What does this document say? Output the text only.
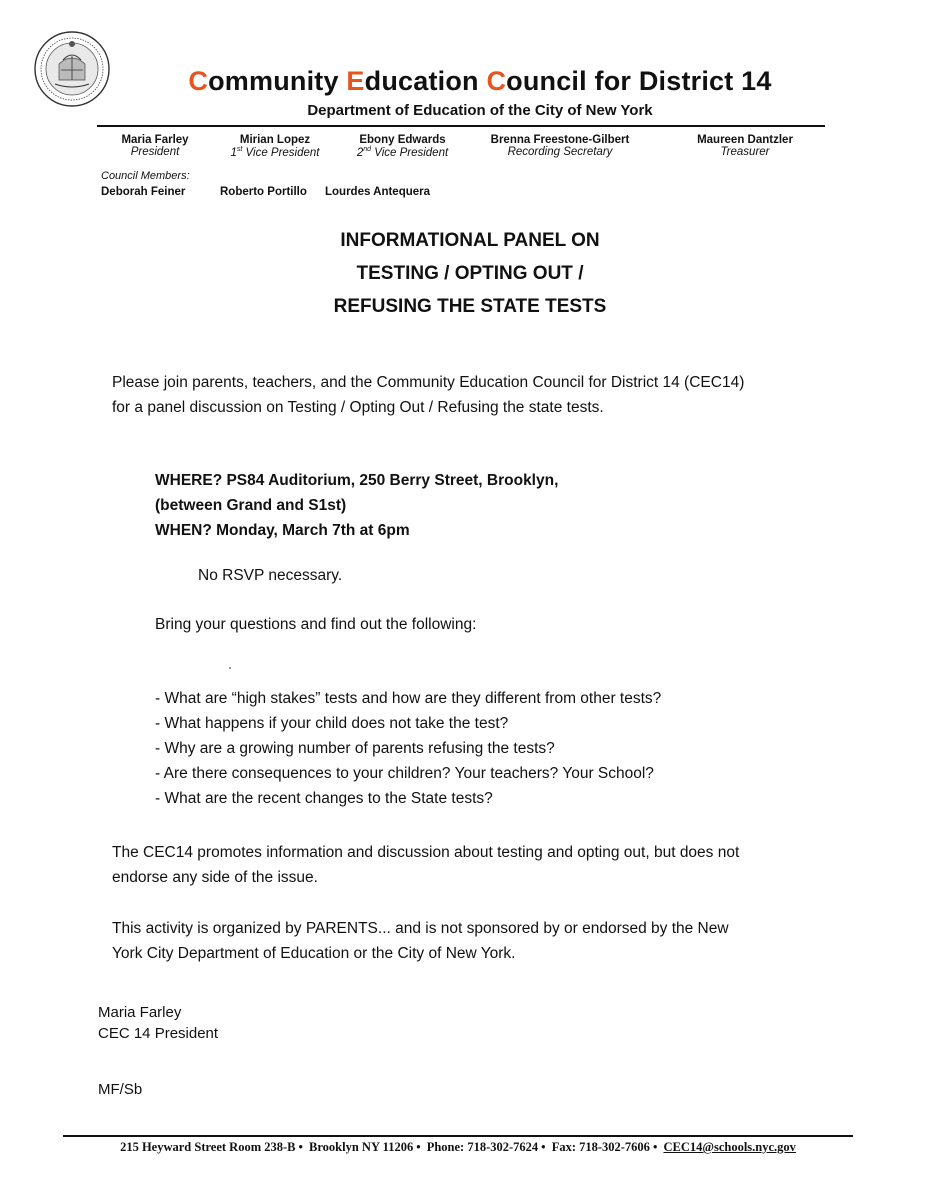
Community Education Council for District 14
Department of Education of the City of New York
Maria Farley
President
Mirian Lopez
1st Vice President
Ebony Edwards
2nd Vice President
Brenna Freestone-Gilbert
Recording Secretary
Maureen Dantzler
Treasurer
Council Members:
Deborah Feiner	Roberto Portillo Lourdes Antequera
INFORMATIONAL PANEL ON
TESTING / OPTING OUT /
REFUSING THE STATE TESTS
Please join parents, teachers, and the Community Education Council for District 14 (CEC14)
for a panel discussion on Testing / Opting Out / Refusing the state tests.
WHERE? PS84 Auditorium, 250 Berry Street, Brooklyn,
(between Grand and S1st)
WHEN? Monday, March 7th at 6pm
No RSVP necessary.
Bring your questions and find out the following:
- What are “high stakes” tests and how are they different from other tests?
- What happens if your child does not take the test?
- Why are a growing number of parents refusing the tests?
- Are there consequences to your children? Your teachers? Your School?
- What are the recent changes to the State tests?
The CEC14 promotes information and discussion about testing and opting out, but does not
endorse any side of the issue.
This activity is organized by PARENTS... and is not sponsored by or endorsed by the New
York City Department of Education or the City of New York.
Maria Farley
CEC 14 President
MF/Sb
215 Heyward Street Room 238-B • Brooklyn NY 11206 • Phone: 718-302-7624 • Fax: 718-302-7606 • CEC14@schools.nyc.gov
